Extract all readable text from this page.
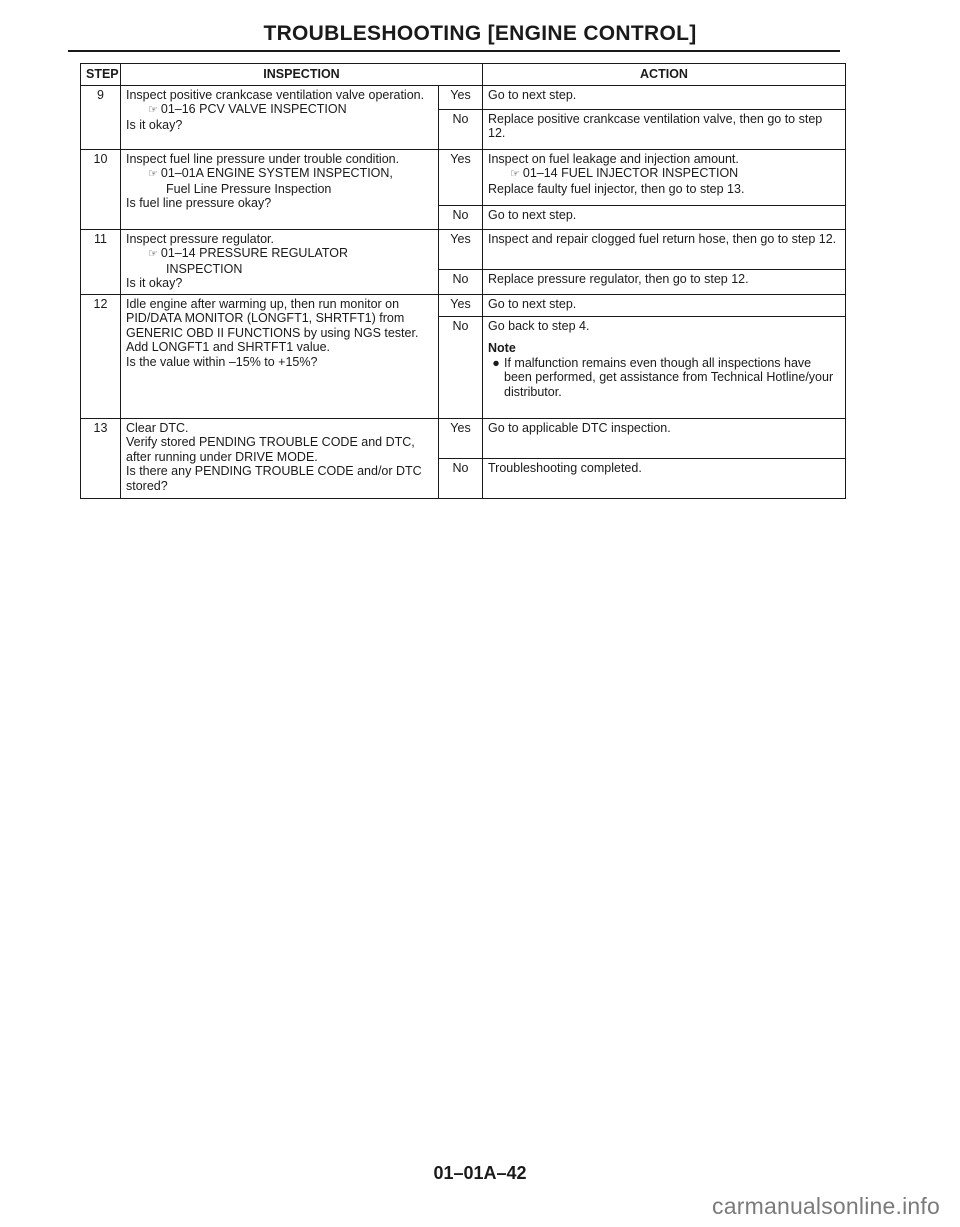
TROUBLESHOOTING [ENGINE CONTROL]
STEP	INSPECTION		ACTION
9	Inspect positive crankcase ventilation valve operation.
☞ 01–16 PCV VALVE INSPECTION
Is it okay?	Yes	Go to next step.
		No	Replace positive crankcase ventilation valve, then go to step 12.
10	Inspect fuel line pressure under trouble condition.
☞ 01–01A ENGINE SYSTEM INSPECTION,
Fuel Line Pressure Inspection
Is fuel line pressure okay?	Yes	Inspect on fuel leakage and injection amount.
☞ 01–14 FUEL INJECTOR INSPECTION
Replace faulty fuel injector, then go to step 13.
		No	Go to next step.
11	Inspect pressure regulator.
☞ 01–14 PRESSURE REGULATOR
INSPECTION
Is it okay?	Yes	Inspect and repair clogged fuel return hose, then go to step 12.
		No	Replace pressure regulator, then go to step 12.
12	Idle engine after warming up, then run monitor on PID/DATA MONITOR (LONGFT1, SHRTFT1) from GENERIC OBD II FUNCTIONS by using NGS tester.
Add LONGFT1 and SHRTFT1 value.
Is the value within –15% to +15%?	Yes	Go to next step.
		No	Go back to step 4.
Note
● If malfunction remains even though all inspections have been performed, get assistance from Technical Hotline/your distributor.

13	Clear DTC.
Verify stored PENDING TROUBLE CODE and DTC, after running under DRIVE MODE.
Is there any PENDING TROUBLE CODE and/or DTC stored?	Yes	Go to applicable DTC inspection.
		No	Troubleshooting completed.
01–01A–42
carmanualsonline.info
